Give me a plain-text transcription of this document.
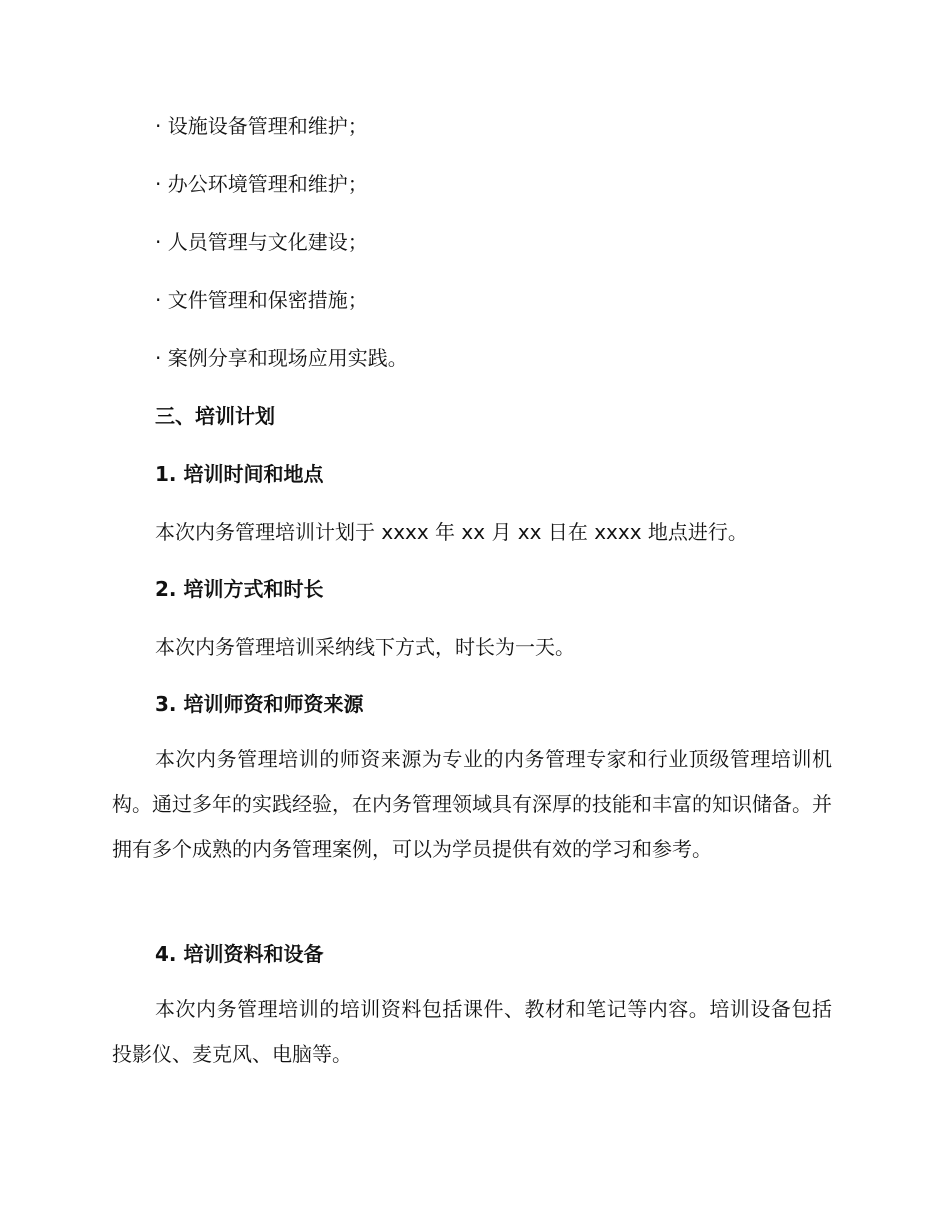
· 设施设备管理和维护；
· 办公环境管理和维护；
· 人员管理与文化建设；
· 文件管理和保密措施；
· 案例分享和现场应用实践。
三、培训计划
1. 培训时间和地点
本次内务管理培训计划于 xxxx 年 xx 月 xx 日在 xxxx 地点进行。
2. 培训方式和时长
本次内务管理培训采纳线下方式，时长为一天。
3. 培训师资和师资来源
本次内务管理培训的师资来源为专业的内务管理专家和行业顶级管理培训机构。通过多年的实践经验，在内务管理领域具有深厚的技能和丰富的知识储备。并拥有多个成熟的内务管理案例，可以为学员提供有效的学习和参考。
4. 培训资料和设备
本次内务管理培训的培训资料包括课件、教材和笔记等内容。培训设备包括投影仪、麦克风、电脑等。
